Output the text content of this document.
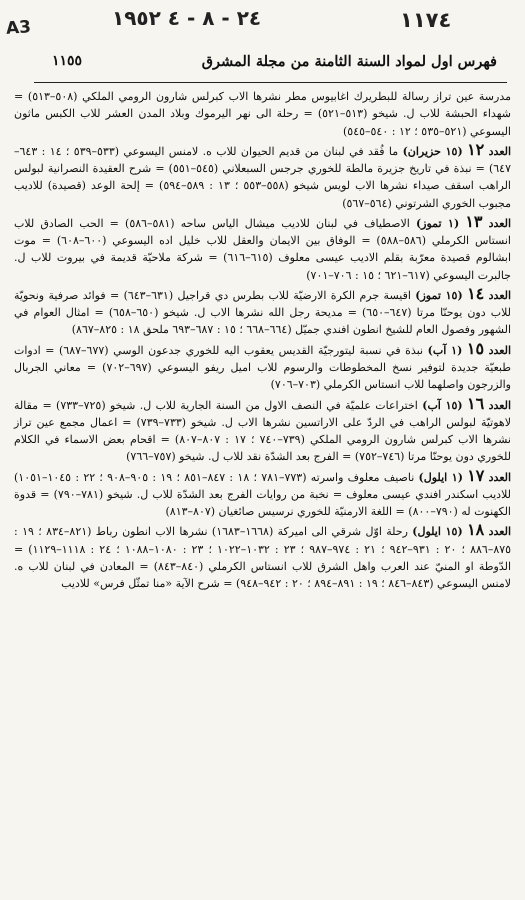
A3	٢٤ - ٨ - ٤ ١٩٥٢	١١٧٤
فهرس اول لمواد السنة الثامنة من مجلة المشرق
١١٥٥

مدرسة عين تراز رسالة للبطريرك اغابيوس مطر نشرها الاب كبرلس شارون الرومي الملكي (٥٠٨–٥١٣) = شهداء الحبشة للاب ل. شيخو (٥١٣–٥٢١) = رحلة الى نهر اليرموك وبلاد المدن العشر للاب الكبس ماثون اليسوعي (٥٢١–٥٣٥ ؛ ١٢ : ٥٤٠–٥٤٥)

العدد ١٢ (١٥ حزيران) ما فُقد في لبنان من قديم الحيوان للاب ه. لامنس اليسوعي (٥٣٣–٥٣٩ ؛ ١٤ : ٦٤٣–٦٤٧) = نبذة في تاريخ جزيرة مالطة للخوري جرجس السبعلاني (٥٤٥–٥٥١) = شرح العقيدة النصرانية لبولس الراهب اسقف صيداء نشرها الاب لويس شيخو (٥٥٨–٥٥٣ ؛ ١٣ : ٥٨٩–٥٩٤) = إلحة الوعد (قصيدة) للاديب مجبوب الخوري الشرتوني (٥٦٤–٥٦٧)

العدد ١٣ (١ تموز) الاصطياف في لبنان للاديب ميشال الياس ساحه (٥٨١–٥٨٦) = الحب الصادق للاب انستاس الكرملي (٥٨٦–٥٨٨) = الوفاق بين الايمان والعقل للاب خليل اده اليسوعي (٦٠٠–٦٠٨) = موت ابشالوم قصيدة معرّبة بقلم الاديب عيسى معلوف (٦١٥–٦١٦) = شركة ملاحيّة قديمة في بيروت للاب ل. جالبرت اليسوعي (٦١٧–٦٢١ ؛ ١٥ : ٧٠٦–٧٠١)

العدد ١٤ (١٥ تموز) اقيسة جرم الكرة الارضيّة للاب بطرس دي قراجيل (٦٣١–٦٤٣) = فوائد صرفية ونحويّة للاب دون يوحنّا مرتا (٦٤٧–٦٥٠) = مديحة رجل الله نشرها الاب ل. شيخو (٦٥٠–٦٥٨) = امثال العوام في الشهور وفصول العام للشيخ انطون افندي جميّل (٦٦٤–٦٦٨ ؛ ١٥ : ٦٨٧–٦٩٣ ملحق ١٨ : ٨٢٥–٨٦٧)

العدد ١٥ (١ آب) نبذة في نسبة ليتورجيّة القديس يعقوب اليه للخوري جدعون الوسي (٦٧٧–٦٨٧) = ادوات طبعيّة جديدة لتوفير نسخ المخطوطات والرسوم للاب اميل ريفو اليسوعي (٦٩٧–٧٠٢) = معاني الجربال والزرجون واصلهما للاب انستاس الكرملي (٧٠٣–٧٠٦)

العدد ١٦ (١٥ آب) اختراعات علميّة في النصف الاول من السنة الجارية للاب ل. شيخو (٧٢٥–٧٣٣) = مقالة لاهوتيّة لبولس الراهب في الردّ على الاراتسين نشرها الاب ل. شيخو (٧٣٣–٧٣٩) = اعمال مجمع عين تراز نشرها الاب كبرلس شارون الرومي الملكي (٧٣٩–٧٤٠ ؛ ١٧ : ٨٠٧–٨٠٧) = اقحام بعض الاسماء في الكلام للخوري دون يوحنّا مرتا (٧٤٦–٧٥٢) = الفرج بعد الشدّة نقد للاب ل. شيخو (٧٥٧–٧٦٦)

العدد ١٧ (١ ايلول) ناصيف معلوف واسرته (٧٧٣–٧٨١ ؛ ١٨ : ٨٤٧–٨٥١ ؛ ١٩ : ٩٠٥–٩٠٨ ؛ ٢٢ : ١٠٤٥–١٠٥١) للاديب اسكندر افندي عيسى معلوف = نخبة من روايات الفرج بعد الشدّة للاب ل. شيخو (٧٨١–٧٩٠) = قدوة الكهنوت له (٧٩٠–٨٠٠) = اللغة الارمنيّة للخوري نرسيس صائغيان (٨٠٧–٨١٣)

العدد ١٨ (١٥ ايلول) رحلة اوّل شرقي الى اميركة (١٦٦٨–١٦٨٣) نشرها الاب انطون رباط (٨٢١–٨٣٤ ؛ ١٩ : ٨٧٥–٨٨٦ ؛ ٢٠ : ٩٣١–٩٤٢ ؛ ٢١ : ٩٧٤–٩٨٧ ؛ ٢٣ : ١٠٣٢–١٠٢٢ ؛ ٢٣ : ١٠٨٠–١٠٨٨ ؛ ٢٤ : ١١١٨–١١٢٩) = الدّوطة او المنيّ عند العرب واهل الشرق للاب انستاس الكرملي (٨٤٠–٨٤٣) = المعادن في لبنان للاب ه. لامنس اليسوعي (٨٤٣–٨٤٦ ؛ ١٩ : ٨٩١–٨٩٤ ؛ ٢٠ : ٩٤٢–٩٤٨) = شرح الآية «منا تمثّل فرس» للاديب
